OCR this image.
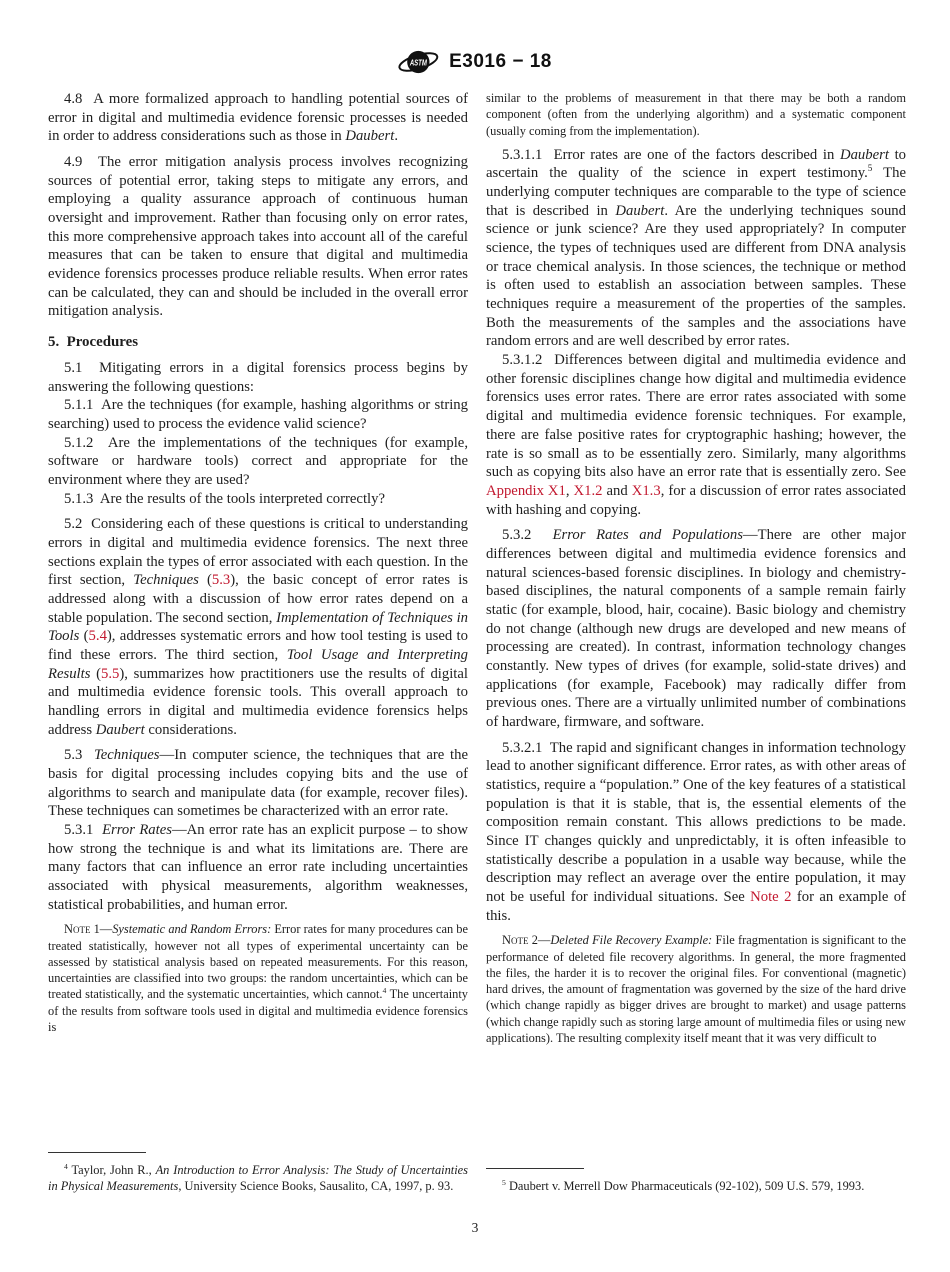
ASTM E3016 − 18

4.8  A more formalized approach to handling potential sources of error in digital and multimedia evidence forensic processes is needed in order to address considerations such as those in Daubert.

4.9  The error mitigation analysis process involves recognizing sources of potential error, taking steps to mitigate any errors, and employing a quality assurance approach of continuous human oversight and improvement. Rather than focusing only on error rates, this more comprehensive approach takes into account all of the careful measures that can be taken to ensure that digital and multimedia evidence forensics processes produce reliable results. When error rates can be calculated, they can and should be included in the overall error mitigation analysis.

5.  Procedures

5.1  Mitigating errors in a digital forensics process begins by answering the following questions:

5.1.1  Are the techniques (for example, hashing algorithms or string searching) used to process the evidence valid science?

5.1.2  Are the implementations of the techniques (for example, software or hardware tools) correct and appropriate for the environment where they are used?

5.1.3  Are the results of the tools interpreted correctly?

5.2  Considering each of these questions is critical to understanding errors in digital and multimedia evidence forensics. The next three sections explain the types of error associated with each question. In the first section, Techniques (5.3), the basic concept of error rates is addressed along with a discussion of how error rates depend on a stable population. The second section, Implementation of Techniques in Tools (5.4), addresses systematic errors and how tool testing is used to find these errors. The third section, Tool Usage and Interpreting Results (5.5), summarizes how practitioners use the results of digital and multimedia evidence forensic tools. This overall approach to handling errors in digital and multimedia evidence forensics helps address Daubert considerations.

5.3  Techniques—In computer science, the techniques that are the basis for digital processing includes copying bits and the use of algorithms to search and manipulate data (for example, recover files). These techniques can sometimes be characterized with an error rate.

5.3.1  Error Rates—An error rate has an explicit purpose – to show how strong the technique is and what its limitations are. There are many factors that can influence an error rate including uncertainties associated with physical measurements, algorithm weaknesses, statistical probabilities, and human error.

Note 1—Systematic and Random Errors: Error rates for many procedures can be treated statistically, however not all types of experimental uncertainty can be assessed by statistical analysis based on repeated measurements. For this reason, uncertainties are classified into two groups: the random uncertainties, which can be treated statistically, and the systematic uncertainties, which cannot.$^4$ The uncertainty of the results from software tools used in digital and multimedia evidence forensics is

$^4$ Taylor, John R., An Introduction to Error Analysis: The Study of Uncertainties in Physical Measurements, University Science Books, Sausalito, CA, 1997, p. 93.

similar to the problems of measurement in that there may be both a random component (often from the underlying algorithm) and a systematic component (usually coming from the implementation).

5.3.1.1  Error rates are one of the factors described in Daubert to ascertain the quality of the science in expert testimony.$^5$ The underlying computer techniques are comparable to the type of science that is described in Daubert. Are the underlying techniques sound science or junk science? Are they used appropriately? In computer science, the types of techniques used are different from DNA analysis or trace chemical analysis. In those sciences, the technique or method is often used to establish an association between samples. These techniques require a measurement of the properties of the samples. Both the measurements of the samples and the associations have random errors and are well described by error rates.

5.3.1.2  Differences between digital and multimedia evidence and other forensic disciplines change how digital and multimedia evidence forensics uses error rates. There are error rates associated with some digital and multimedia evidence forensic techniques. For example, there are false positive rates for cryptographic hashing; however, the rate is so small as to be essentially zero. Similarly, many algorithms such as copying bits also have an error rate that is essentially zero. See Appendix X1, X1.2 and X1.3, for a discussion of error rates associated with hashing and copying.

5.3.2  Error Rates and Populations—There are other major differences between digital and multimedia evidence forensics and natural sciences-based forensic disciplines. In biology and chemistry-based disciplines, the natural components of a sample remain fairly static (for example, blood, hair, cocaine). Basic biology and chemistry do not change (although new drugs are developed and new means of processing are created). In contrast, information technology changes constantly. New types of drives (for example, solid-state drives) and applications (for example, Facebook) may radically differ from previous ones. There are a virtually unlimited number of combinations of hardware, firmware, and software.

5.3.2.1  The rapid and significant changes in information technology lead to another significant difference. Error rates, as with other areas of statistics, require a “population.” One of the key features of a statistical population is that it is stable, that is, the essential elements of the composition remain constant. This allows predictions to be made. Since IT changes quickly and unpredictably, it is often infeasible to statistically describe a population in a usable way because, while the description may reflect an average over the entire population, it may not be useful for individual situations. See Note 2 for an example of this.

Note 2—Deleted File Recovery Example: File fragmentation is significant to the performance of deleted file recovery algorithms. In general, the more fragmented the files, the harder it is to recover the original files. For conventional (magnetic) hard drives, the amount of fragmentation was governed by the size of the hard drive (which change rapidly as bigger drives are brought to market) and usage patterns (which change rapidly such as storing large amount of multimedia files or using new applications). The resulting complexity itself meant that it was very difficult to

$^5$ Daubert v. Merrell Dow Pharmaceuticals (92-102), 509 U.S. 579, 1993.

3
